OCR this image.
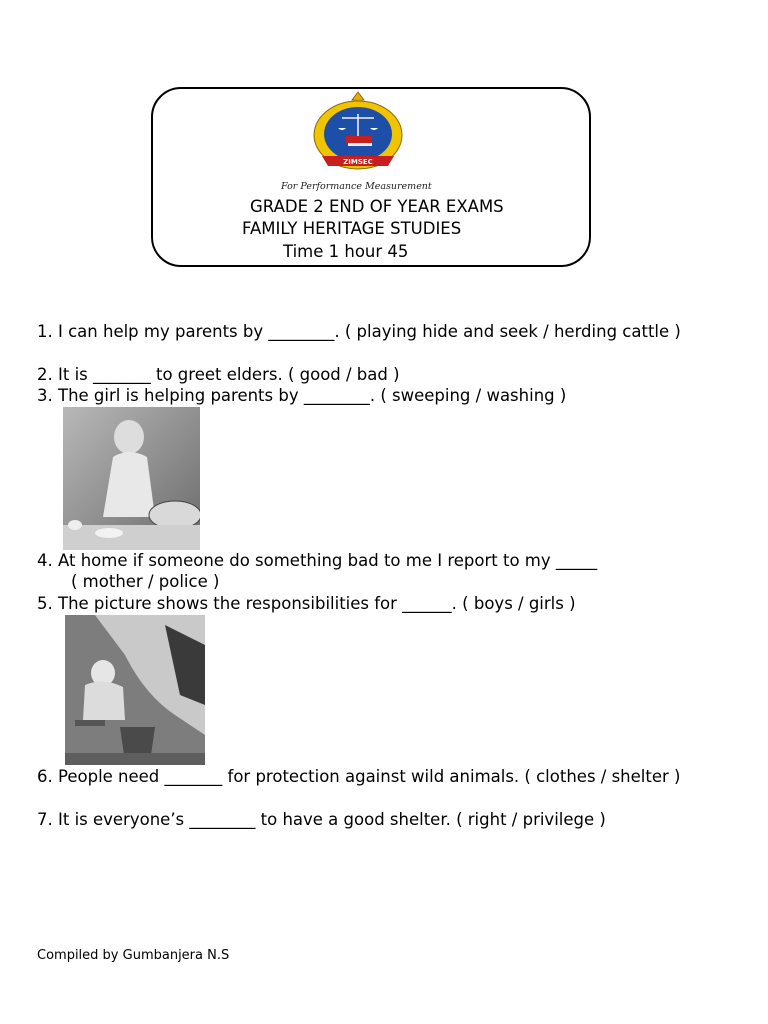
ZIMSEC
For Performance Measurement
GRADE 2 END OF YEAR EXAMS
FAMILY HERITAGE STUDIES
Time 1 hour 45
1. I can help my parents by ________. ( playing hide and seek / herding cattle )
2. It is _______ to greet elders. ( good / bad )
3. The girl is helping parents by ________. ( sweeping / washing )
4. At home if someone do something bad to me I report to my _____
( mother / police )
5. The picture shows the responsibilities for ______. ( boys / girls )
6. People need _______ for protection against wild animals. ( clothes / shelter )
7. It is everyone’s ________ to have a good shelter. ( right / privilege )
Compiled by Gumbanjera N.S
